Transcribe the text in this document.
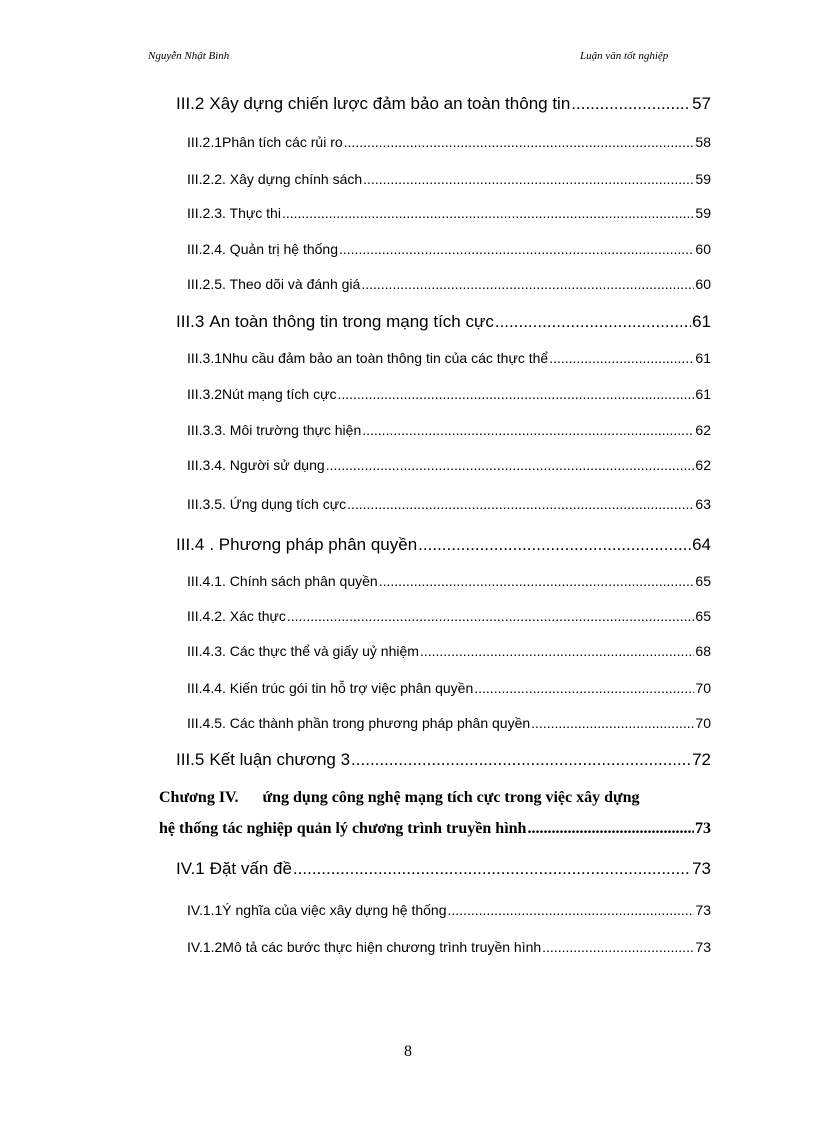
Nguyễn Nhật Bình	Luận văn tốt nghiệp
III.2 Xây dựng chiến lược đảm bảo an toàn thông tin .....	57
III.2.1 Phân tích các rủi ro .....	58
III.2.2 . Xây dựng chính sách .....	59
III.2.3 . Thực thi .....	59
III.2.4 . Quản trị hệ thống .....	60
III.2.5 . Theo dõi và đánh giá .....	60
III.3 An toàn thông tin trong mạng tích cực .....	61
III.3.1 Nhu cầu đảm bảo an toàn thông tin của các thực thể .....	61
III.3.2 Nút mạng tích cực .....	61
III.3.3 . Môi trường thực hiện .....	62
III.3.4 . Người sử dụng .....	62
III.3.5 . Ứng dụng tích cực .....	63
III.4 . Phương pháp phân quyền .....	64
III.4.1 . Chính sách phân quyền .....	65
III.4.2 . Xác thực .....	65
III.4.3 . Các thực thể và giấy uỷ nhiệm .....	68
III.4.4 . Kiến trúc gói tin hỗ trợ việc phân quyền .....	70
III.4.5 . Các thành phần trong phương pháp phân quyền .....	70
III.5 Kết luận chương 3 .....	72
Chương IV. ứng dụng công nghệ mạng tích cực trong việc xây dựng
hệ thống tác nghiệp quản lý chương trình truyền hình .....	73
IV.1 Đặt vấn đề .....	73
IV.1.1 Ý nghĩa của việc xây dựng hệ thống .....	73
IV.1.2 Mô tả các bước thực hiện chương trình truyền hình .....	73
8
